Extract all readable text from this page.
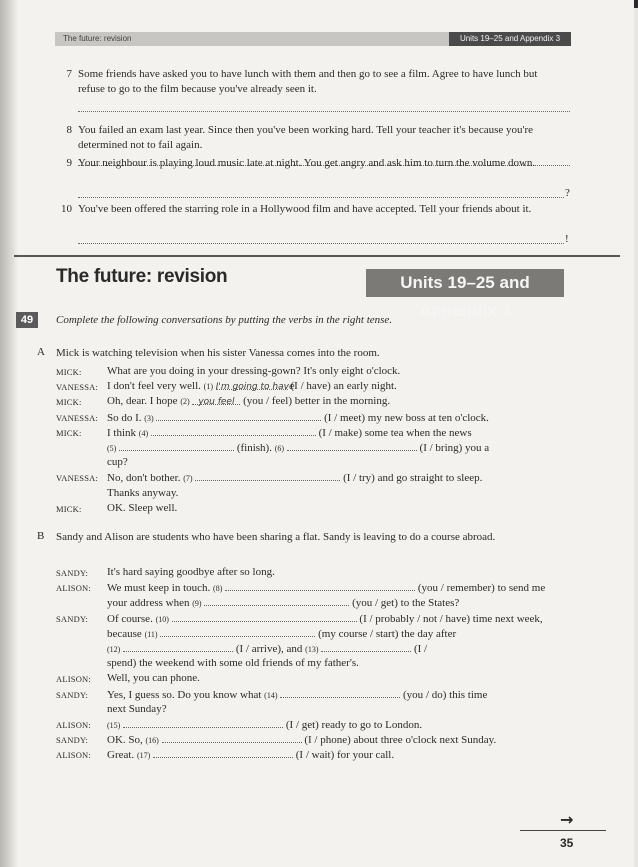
The future: revision	Units 19–25 and Appendix 3
7 Some friends have asked you to have lunch with them and then go to see a film. Agree to have lunch but refuse to go to the film because you've already seen it.
8 You failed an exam last year. Since then you've been working hard. Tell your teacher it's because you're determined not to fail again.
9 Your neighbour is playing loud music late at night. You get angry and ask him to turn the volume down.
?
10 You've been offered the starring role in a Hollywood film and have accepted. Tell your friends about it.
!
The future: revision	Units 19–25 and Appendix 3
49	Complete the following conversations by putting the verbs in the right tense.
A Mick is watching television when his sister Vanessa comes into the room.
MICK: What are you doing in your dressing-gown? It's only eight o'clock.
VANESSA: I don't feel very well. (1) I'm going to have (I / have) an early night.
MICK: Oh, dear. I hope (2) you feel (you / feel) better in the morning.
VANESSA: So do I. (3)	(I / meet) my new boss at ten o'clock.
MICK: I think (4)	(I / make) some tea when the news
(5)	(finish). (6)	(I / bring) you a
cup?
VANESSA: No, don't bother. (7)	(I / try) and go straight to sleep.
Thanks anyway.
MICK: OK. Sleep well.
B Sandy and Alison are students who have been sharing a flat. Sandy is leaving to do a course abroad.
SANDY: It's hard saying goodbye after so long.
ALISON: We must keep in touch. (8)	(you / remember) to send me
your address when (9)	(you / get) to the States?
SANDY: Of course. (10)	(I / probably / not / have) time next week,
because (11)	(my course / start) the day after
(12)	(I / arrive), and (13)	(I /
spend) the weekend with some old friends of my father's.
ALISON: Well, you can phone.
SANDY: Yes, I guess so. Do you know what (14)	(you / do) this time
next Sunday?
ALISON: (15)	(I / get) ready to go to London.
SANDY: OK. So, (16)	(I / phone) about three o'clock next Sunday.
ALISON: Great. (17)	(I / wait) for your call.
→
35
